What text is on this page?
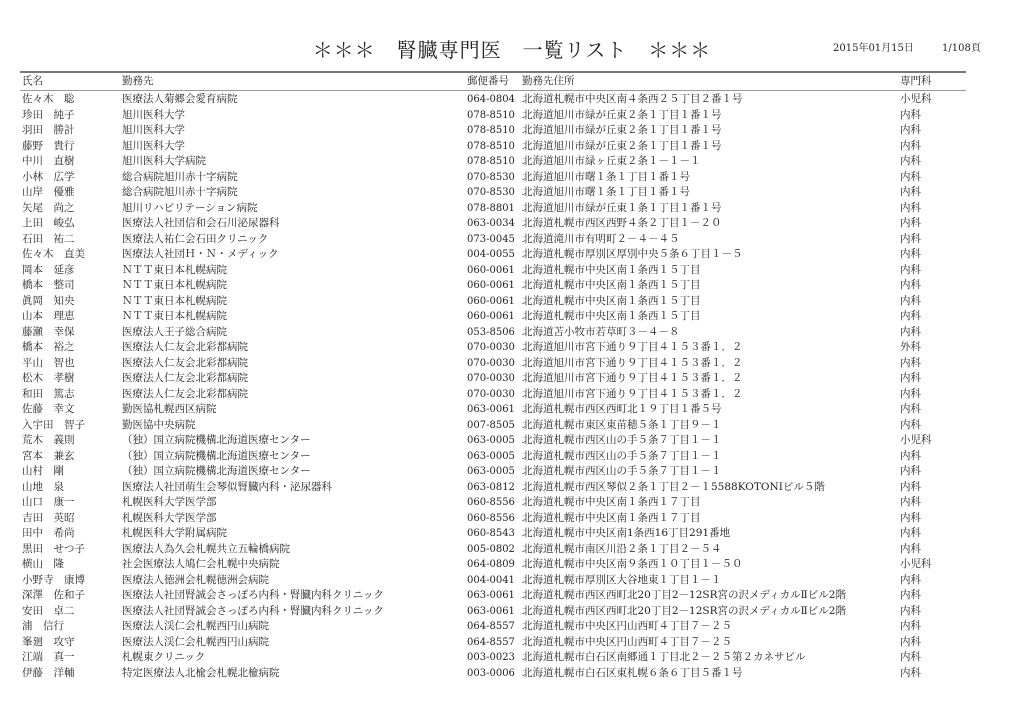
＊＊＊　腎臓専門医　一覧リスト　＊＊＊	2015年01月15日	1/108頁
氏名	勤務先	郵便番号 勤務先住所	専門科
佐々木　聡	医療法人菊郷会愛育病院	064-0804 北海道札幌市中央区南４条西２５丁目２番１号	小児科
珍田　純子	旭川医科大学	078-8510 北海道旭川市緑が丘東２条１丁目１番１号	内科
羽田　勝計	旭川医科大学	078-8510 北海道旭川市緑が丘東２条１丁目１番１号	内科
藤野　貴行	旭川医科大学	078-8510 北海道旭川市緑が丘東２条１丁目１番１号	内科
中川　直樹	旭川医科大学病院	078-8510 北海道旭川市緑ヶ丘東２条１－１－１	内科
小林　広学	総合病院旭川赤十字病院	070-8530 北海道旭川市曙１条１丁目１番１号	内科
山岸　優雅	総合病院旭川赤十字病院	070-8530 北海道旭川市曙１条１丁目１番１号	内科
矢尾　尚之	旭川リハビリテーション病院	078-8801 北海道旭川市緑が丘東１条１丁目１番１号	内科
上田　峻弘	医療法人社団信和会石川泌尿器科	063-0034 北海道札幌市西区西野４条２丁目１－２０	内科
石田　祐二	医療法人祐仁会石田クリニック	073-0045 北海道滝川市有明町２－４－４５	内科
佐々木　直美	医療法人社団Ｈ・Ｎ・メディック	004-0055 北海道札幌市厚別区厚別中央５条６丁目１－５	内科
岡本　延彦	ＮＴＴ東日本札幌病院	060-0061 北海道札幌市中央区南１条西１５丁目	内科
橋本　整司	ＮＴＴ東日本札幌病院	060-0061 北海道札幌市中央区南１条西１５丁目	内科
眞岡　知央	ＮＴＴ東日本札幌病院	060-0061 北海道札幌市中央区南１条西１５丁目	内科
山本　理恵	ＮＴＴ東日本札幌病院	060-0061 北海道札幌市中央区南１条西１５丁目	内科
藤瀬　幸保	医療法人王子総合病院	053-8506 北海道苫小牧市若草町３－４－８	内科
橋本　裕之	医療法人仁友会北彩都病院	070-0030 北海道旭川市宮下通り９丁目４１５３番１．２	外科
平山　智也	医療法人仁友会北彩都病院	070-0030 北海道旭川市宮下通り９丁目４１５３番１．２	内科
松木　孝樹	医療法人仁友会北彩都病院	070-0030 北海道旭川市宮下通り９丁目４１５３番１．２	内科
和田　篤志	医療法人仁友会北彩都病院	070-0030 北海道旭川市宮下通り９丁目４１５３番１．２	内科
佐藤　幸文	勤医協札幌西区病院	063-0061 北海道札幌市西区西町北１９丁目１番５号	内科
入宇田　智子	勤医協中央病院	007-8505 北海道札幌市東区東苗穂５条１丁目９－１	内科
荒木　義則	（独）国立病院機構北海道医療センター	063-0005 北海道札幌市西区山の手５条７丁目１－１	小児科
宮本　兼玄	（独）国立病院機構北海道医療センター	063-0005 北海道札幌市西区山の手５条７丁目１－１	内科
山村　剛	（独）国立病院機構北海道医療センター	063-0005 北海道札幌市西区山の手５条７丁目１－１	内科
山地　泉	医療法人社団萌生会琴似腎臓内科・泌尿器科	063-0812 北海道札幌市西区琴似２条１丁目２－１5588KOTONIビル５階	内科
山口　康一	札幌医科大学医学部	060-8556 北海道札幌市中央区南１条西１７丁目	内科
吉田　英昭	札幌医科大学医学部	060-8556 北海道札幌市中央区南１条西１７丁目	内科
田中　希尚	札幌医科大学附属病院	060-8543 北海道札幌市中央区南1条西16丁目291番地	内科
黒田　せつ子	医療法人為久会札幌共立五輪橋病院	005-0802 北海道札幌市南区川沿２条１丁目２－５４	内科
横山　隆	社会医療法人鳩仁会札幌中央病院	064-0809 北海道札幌市中央区南９条西１０丁目１－５０	小児科
小野寺　康博	医療法人徳洲会札幌徳洲会病院	004-0041 北海道札幌市厚別区大谷地東１丁目１－１	内科
深澤　佐和子	医療法人社団腎誠会さっぽろ内科・腎臓内科クリニック	063-0061 北海道札幌市西区西町北20丁目2－12SR宮の沢メディカルⅡビル2階	内科
安田　卓二	医療法人社団腎誠会さっぽろ内科・腎臓内科クリニック	063-0061 北海道札幌市西区西町北20丁目2－12SR宮の沢メディカルⅡビル2階	内科
浦　信行	医療法人渓仁会札幌西円山病院	064-8557 北海道札幌市中央区円山西町４丁目７－２５	内科
峯廻　攻守	医療法人渓仁会札幌西円山病院	064-8557 北海道札幌市中央区円山西町４丁目７－２５	内科
江端　真一	札幌東クリニック	003-0023 北海道札幌市白石区南郷通１丁目北２－２５第２カネサビル	内科
伊藤　洋輔	特定医療法人北楡会札幌北楡病院	003-0006 北海道札幌市白石区東札幌６条６丁目５番１号	内科
